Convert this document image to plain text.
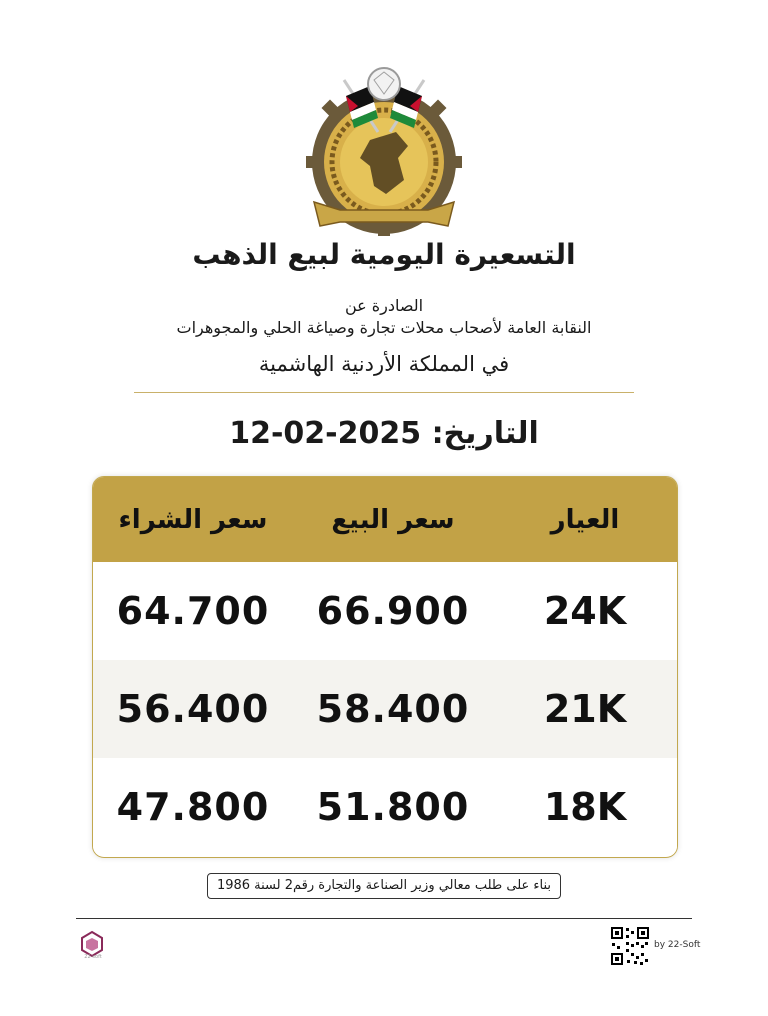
التسعيرة اليومية لبيع الذهب
الصادرة عن
النقابة العامة لأصحاب محلات تجارة وصياغة الحلي والمجوهرات
في المملكة الأردنية الهاشمية
التاريخ: 12-02-2025
سعر الشراء	سعر البيع	العيار
64.700	66.900	24K
56.400	58.400	21K
47.800	51.800	18K
بناء على طلب معالي وزير الصناعة والتجارة رقم2 لسنة 1986
22-soft
by 22-Soft
